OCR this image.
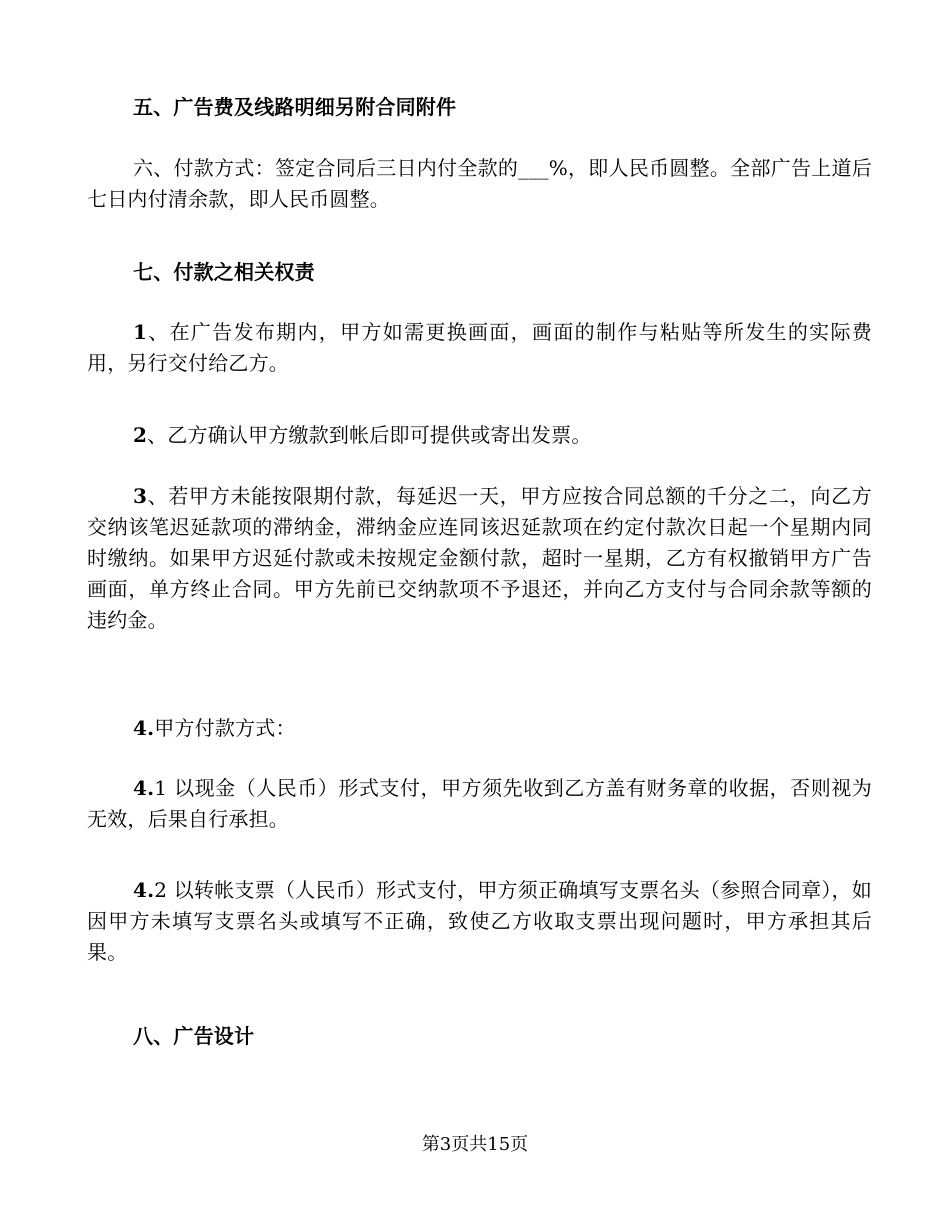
五、广告费及线路明细另附合同附件
六、付款方式：签定合同后三日内付全款的___%，即人民币圆整。全部广告上道后七日内付清余款，即人民币圆整。
七、付款之相关权责
1、在广告发布期内，甲方如需更换画面，画面的制作与粘贴等所发生的实际费用，另行交付给乙方。
2、乙方确认甲方缴款到帐后即可提供或寄出发票。
3、若甲方未能按限期付款，每延迟一天，甲方应按合同总额的千分之二，向乙方交纳该笔迟延款项的滞纳金，滞纳金应连同该迟延款项在约定付款次日起一个星期内同时缴纳。如果甲方迟延付款或未按规定金额付款，超时一星期，乙方有权撤销甲方广告画面，单方终止合同。甲方先前已交纳款项不予退还，并向乙方支付与合同余款等额的违约金。
4.甲方付款方式：
4.1 以现金（人民币）形式支付，甲方须先收到乙方盖有财务章的收据，否则视为无效，后果自行承担。
4.2 以转帐支票（人民币）形式支付，甲方须正确填写支票名头（参照合同章），如因甲方未填写支票名头或填写不正确，致使乙方收取支票出现问题时，甲方承担其后果。
八、广告设计
第3页共15页
